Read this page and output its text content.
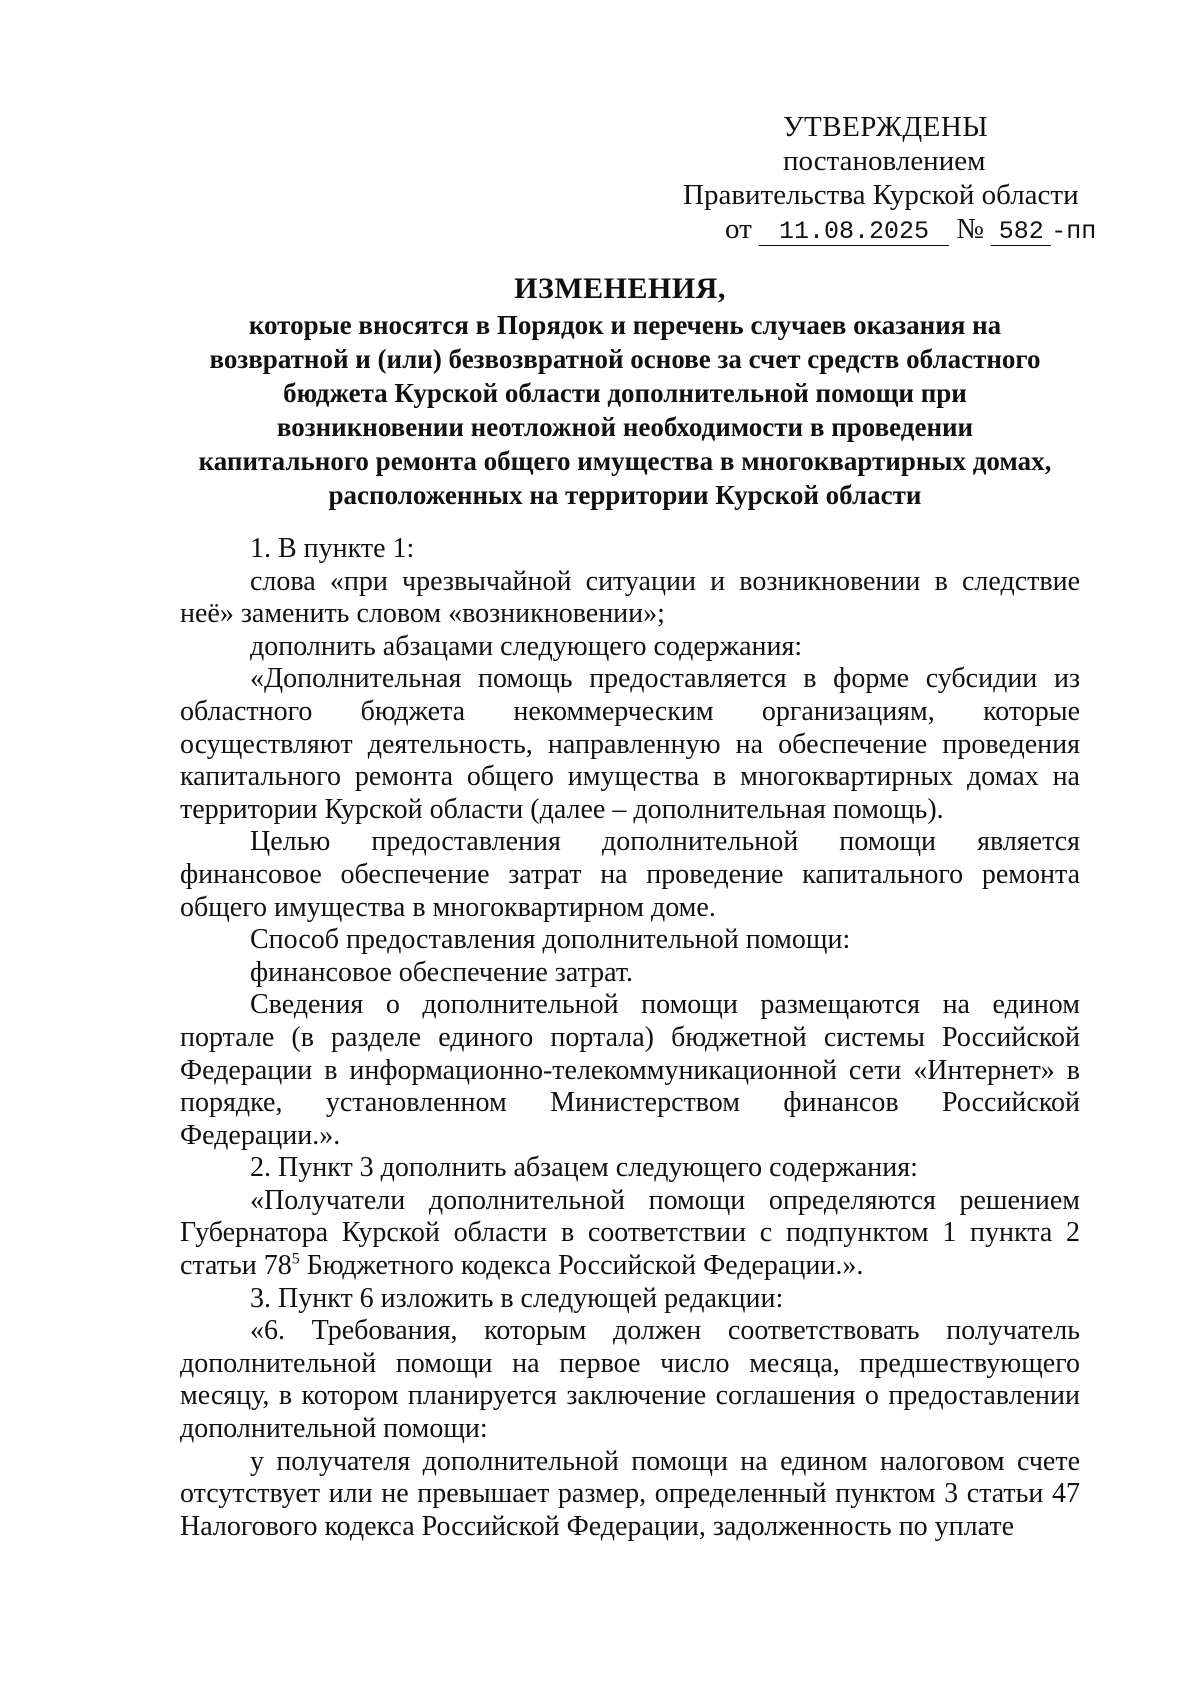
УТВЕРЖДЕНЫ
постановлением
Правительства Курской области
от 11.08.2025 № 582 -пп
ИЗМЕНЕНИЯ,
которые вносятся в Порядок и перечень случаев оказания на
возвратной и (или) безвозвратной основе за счет средств областного
бюджета Курской области дополнительной помощи при
возникновении неотложной необходимости в проведении
капитального ремонта общего имущества в многоквартирных домах,
расположенных на территории Курской области

1. В пункте 1:

слова «при чрезвычайной ситуации и возникновении в следствие неё» заменить словом «возникновении»;

дополнить абзацами следующего содержания:

«Дополнительная помощь предоставляется в форме субсидии из областного бюджета некоммерческим организациям, которые осуществляют деятельность, направленную на обеспечение проведения капитального ремонта общего имущества в многоквартирных домах на территории Курской области (далее – дополнительная помощь).

Целью предоставления дополнительной помощи является финансовое обеспечение затрат на проведение капитального ремонта общего имущества в многоквартирном доме.

Способ предоставления дополнительной помощи:

финансовое обеспечение затрат.

Сведения о дополнительной помощи размещаются на едином портале (в разделе единого портала) бюджетной системы Российской Федерации в информационно-телекоммуникационной сети «Интернет» в порядке, установленном Министерством финансов Российской Федерации.».

2. Пункт 3 дополнить абзацем следующего содержания:

«Получатели дополнительной помощи определяются решением Губернатора Курской области в соответствии с подпунктом 1 пункта 2 статьи $78^5$ Бюджетного кодекса Российской Федерации.».

3. Пункт 6 изложить в следующей редакции:

«6. Требования, которым должен соответствовать получатель дополнительной помощи на первое число месяца, предшествующего месяцу, в котором планируется заключение соглашения о предоставлении дополнительной помощи:

у получателя дополнительной помощи на едином налоговом счете отсутствует или не превышает размер, определенный пунктом 3 статьи 47 Налогового кодекса Российской Федерации, задолженность по уплате
